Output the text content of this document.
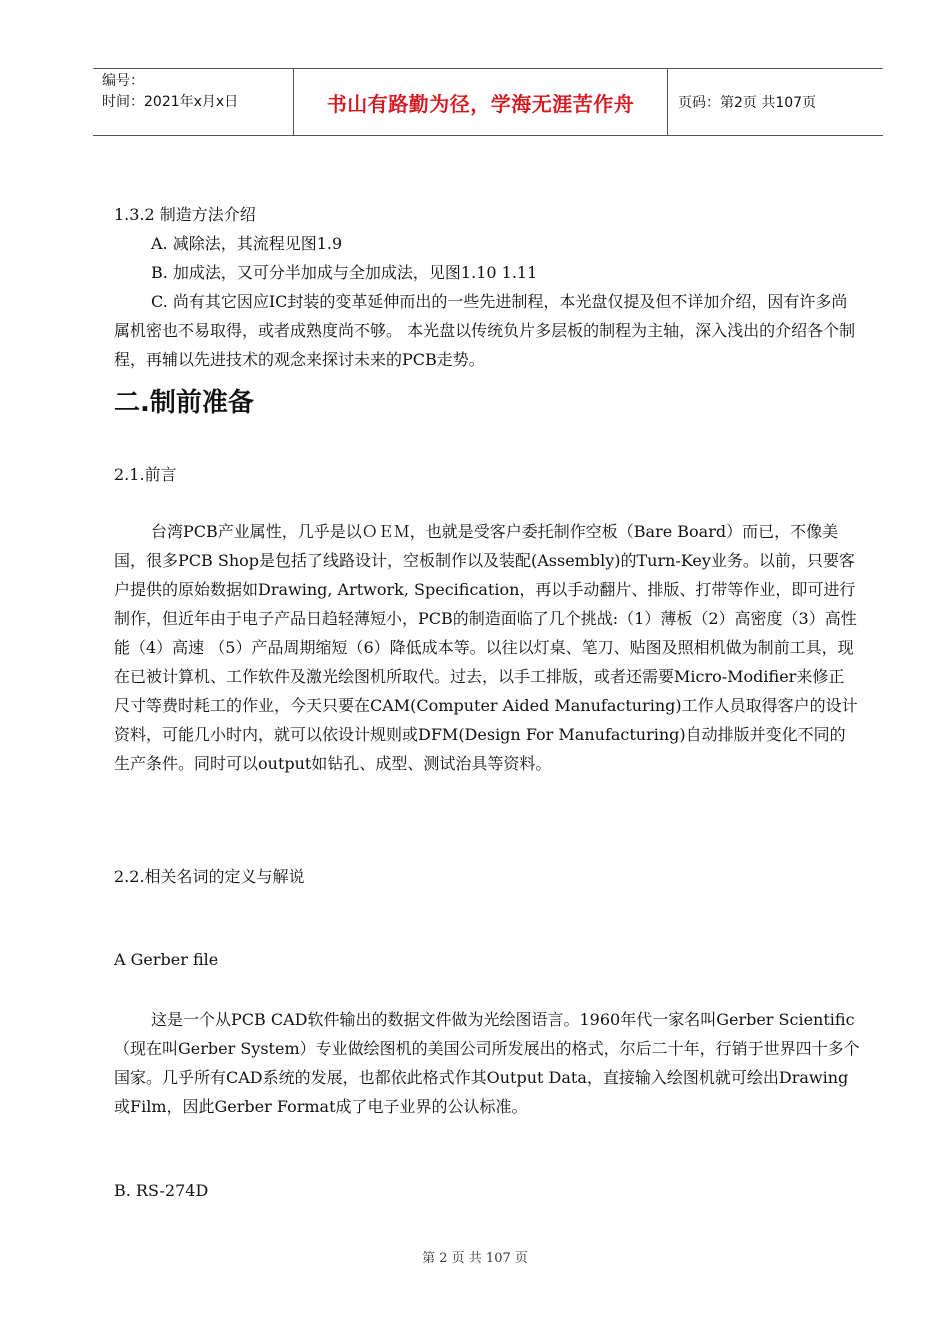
编号：
时间：2021年x月x日	书山有路勤为径，学海无涯苦作舟	页码：第2页 共107页

1.3.2 制造方法介绍

A. 减除法，其流程见图1.9

B. 加成法，又可分半加成与全加成法，见图1.10 1.11

C. 尚有其它因应IC封装的变革延伸而出的一些先进制程，本光盘仅提及但不详加介绍，因有许多尚属机密也不易取得，或者成熟度尚不够。 本光盘以传统负片多层板的制程为主轴，深入浅出的介绍各个制程，再辅以先进技术的观念来探讨未来的PCB走势。

二.制前准备

2.1.前言

台湾PCB产业属性，几乎是以ＯＥＭ，也就是受客户委托制作空板（Bare Board）而已，不像美国，很多PCB Shop是包括了线路设计，空板制作以及装配(Assembly)的Turn-Key业务。以前，只要客户提供的原始数据如Drawing, Artwork, Specification，再以手动翻片、排版、打带等作业，即可进行制作，但近年由于电子产品日趋轻薄短小，PCB的制造面临了几个挑战:（1）薄板（2）高密度（3）高性能（4）高速 （5）产品周期缩短（6）降低成本等。以往以灯桌、笔刀、贴图及照相机做为制前工具，现在已被计算机、工作软件及激光绘图机所取代。过去，以手工排版，或者还需要Micro-Modifier来修正尺寸等费时耗工的作业，今天只要在CAM(Computer Aided Manufacturing)工作人员取得客户的设计资料，可能几小时内，就可以依设计规则或DFM(Design For Manufacturing)自动排版并变化不同的生产条件。同时可以output如钻孔、成型、测试治具等资料。

2.2.相关名词的定义与解说

A Gerber file

这是一个从PCB CAD软件输出的数据文件做为光绘图语言。1960年代一家名叫Gerber Scientific（现在叫Gerber System）专业做绘图机的美国公司所发展出的格式，尔后二十年，行销于世界四十多个国家。几乎所有CAD系统的发展，也都依此格式作其Output Data，直接输入绘图机就可绘出Drawing或Film，因此Gerber Format成了电子业界的公认标准。

B. RS-274D

第 2 页 共 107 页
